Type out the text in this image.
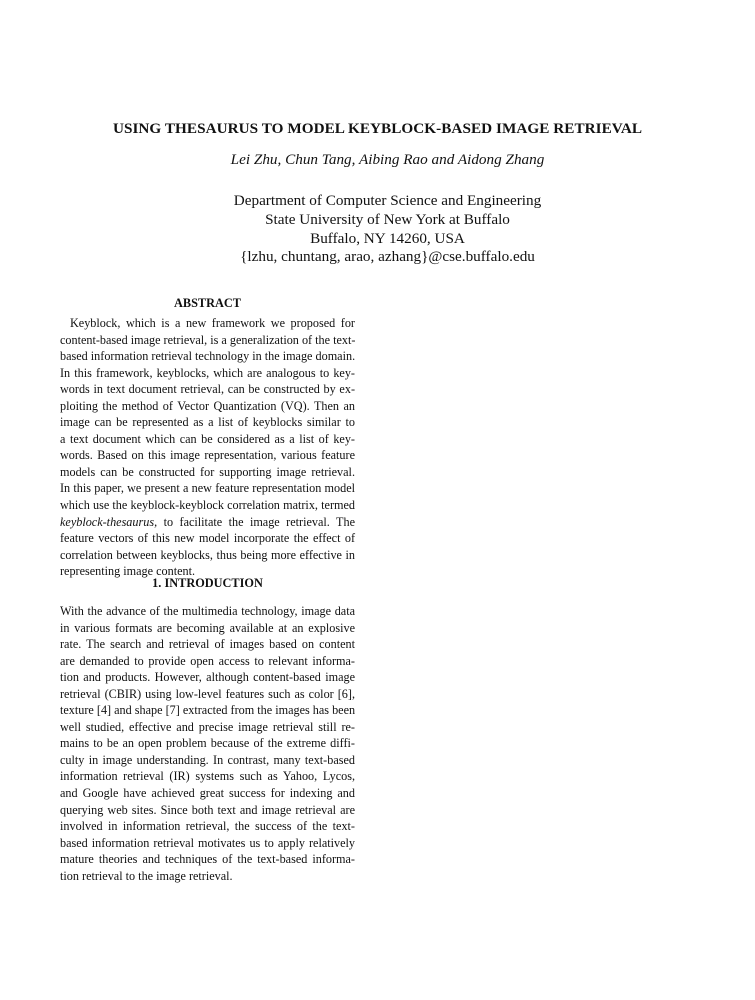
USING THESAURUS TO MODEL KEYBLOCK-BASED IMAGE RETRIEVAL
Lei Zhu, Chun Tang, Aibing Rao and Aidong Zhang
Department of Computer Science and Engineering
State University of New York at Buffalo
Buffalo, NY 14260, USA
{lzhu, chuntang, arao, azhang}@cse.buffalo.edu
ABSTRACT
Keyblock, which is a new framework we proposed for
content-based image retrieval, is a generalization of the text-
based information retrieval technology in the image domain.
In this framework, keyblocks, which are analogous to key-
words in text document retrieval, can be constructed by ex-
ploiting the method of Vector Quantization (VQ). Then an
image can be represented as a list of keyblocks similar to
a text document which can be considered as a list of key-
words. Based on this image representation, various feature
models can be constructed for supporting image retrieval.
In this paper, we present a new feature representation model
which use the keyblock-keyblock correlation matrix, termed
keyblock-thesaurus, to facilitate the image retrieval. The
feature vectors of this new model incorporate the effect of
correlation between keyblocks, thus being more effective in
representing image content.
1. INTRODUCTION
With the advance of the multimedia technology, image data
in various formats are becoming available at an explosive
rate. The search and retrieval of images based on content
are demanded to provide open access to relevant informa-
tion and products. However, although content-based image
retrieval (CBIR) using low-level features such as color [6],
texture [4] and shape [7] extracted from the images has been
well studied, effective and precise image retrieval still re-
mains to be an open problem because of the extreme diffi-
culty in image understanding. In contrast, many text-based
information retrieval (IR) systems such as Yahoo, Lycos,
and Google have achieved great success for indexing and
querying web sites. Since both text and image retrieval are
involved in information retrieval, the success of the text-
based information retrieval motivates us to apply relatively
mature theories and techniques of the text-based informa-
tion retrieval to the image retrieval.
